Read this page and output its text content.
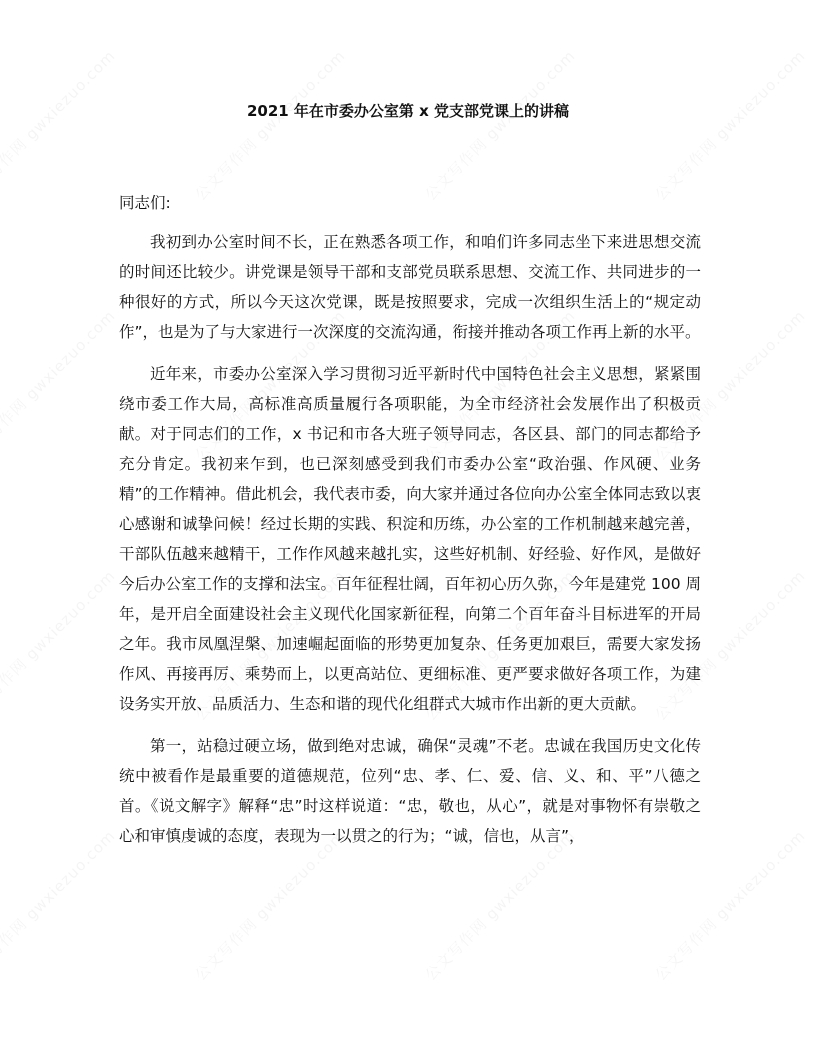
2021 年在市委办公室第 x 党支部党课上的讲稿

同志们:

我初到办公室时间不长，正在熟悉各项工作，和咱们许多同志坐下来进思想交流的时间还比较少。讲党课是领导干部和支部党员联系思想、交流工作、共同进步的一种很好的方式，所以今天这次党课，既是按照要求，完成一次组织生活上的“规定动作”，也是为了与大家进行一次深度的交流沟通，衔接并推动各项工作再上新的水平。

近年来，市委办公室深入学习贯彻习近平新时代中国特色社会主义思想，紧紧围绕市委工作大局，高标准高质量履行各项职能，为全市经济社会发展作出了积极贡献。对于同志们的工作，x 书记和市各大班子领导同志，各区县、部门的同志都给予充分肯定。我初来乍到，也已深刻感受到我们市委办公室“政治强、作风硬、业务精”的工作精神。借此机会，我代表市委，向大家并通过各位向办公室全体同志致以衷心感谢和诚挚问候！经过长期的实践、积淀和历练，办公室的工作机制越来越完善，干部队伍越来越精干，工作作风越来越扎实，这些好机制、好经验、好作风，是做好今后办公室工作的支撑和法宝。百年征程壮阔，百年初心历久弥，今年是建党 100 周年，是开启全面建设社会主义现代化国家新征程，向第二个百年奋斗目标进军的开局之年。我市凤凰涅槃、加速崛起面临的形势更加复杂、任务更加艰巨，需要大家发扬作风、再接再厉、乘势而上，以更高站位、更细标准、更严要求做好各项工作，为建设务实开放、品质活力、生态和谐的现代化组群式大城市作出新的更大贡献。

第一，站稳过硬立场，做到绝对忠诚，确保“灵魂”不老。忠诚在我国历史文化传统中被看作是最重要的道德规范，位列“忠、孝、仁、爱、信、义、和、平”八德之首。《说文解字》解释“忠”时这样说道：“忠，敬也，从心”，就是对事物怀有崇敬之心和审慎虔诚的态度，表现为一以贯之的行为；“诚，信也，从言”，
